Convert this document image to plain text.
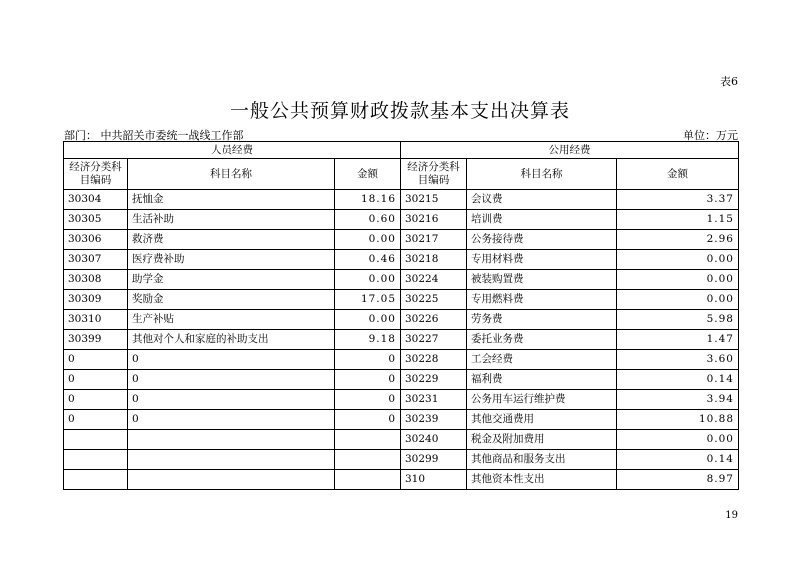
表6
一般公共预算财政拨款基本支出决算表
部门： 中共韶关市委统一战线工作部	单位：万元
人员经费			公用经费		
经济分类科目编码	科目名称	金额	经济分类科目编码	科目名称	金额
30304	抚恤金	18.16	30215	会议费	3.37
30305	生活补助	0.60	30216	培训费	1.15
30306	救济费	0.00	30217	公务接待费	2.96
30307	医疗费补助	0.46	30218	专用材料费	0.00
30308	助学金	0.00	30224	被装购置费	0.00
30309	奖励金	17.05	30225	专用燃料费	0.00
30310	生产补贴	0.00	30226	劳务费	5.98
30399	其他对个人和家庭的补助支出	9.18	30227	委托业务费	1.47
0	0	0	30228	工会经费	3.60
0	0	0	30229	福利费	0.14
0	0	0	30231	公务用车运行维护费	3.94
0	0	0	30239	其他交通费用	10.88
			30240	税金及附加费用	0.00
			30299	其他商品和服务支出	0.14
			310	其他资本性支出	8.97
19
